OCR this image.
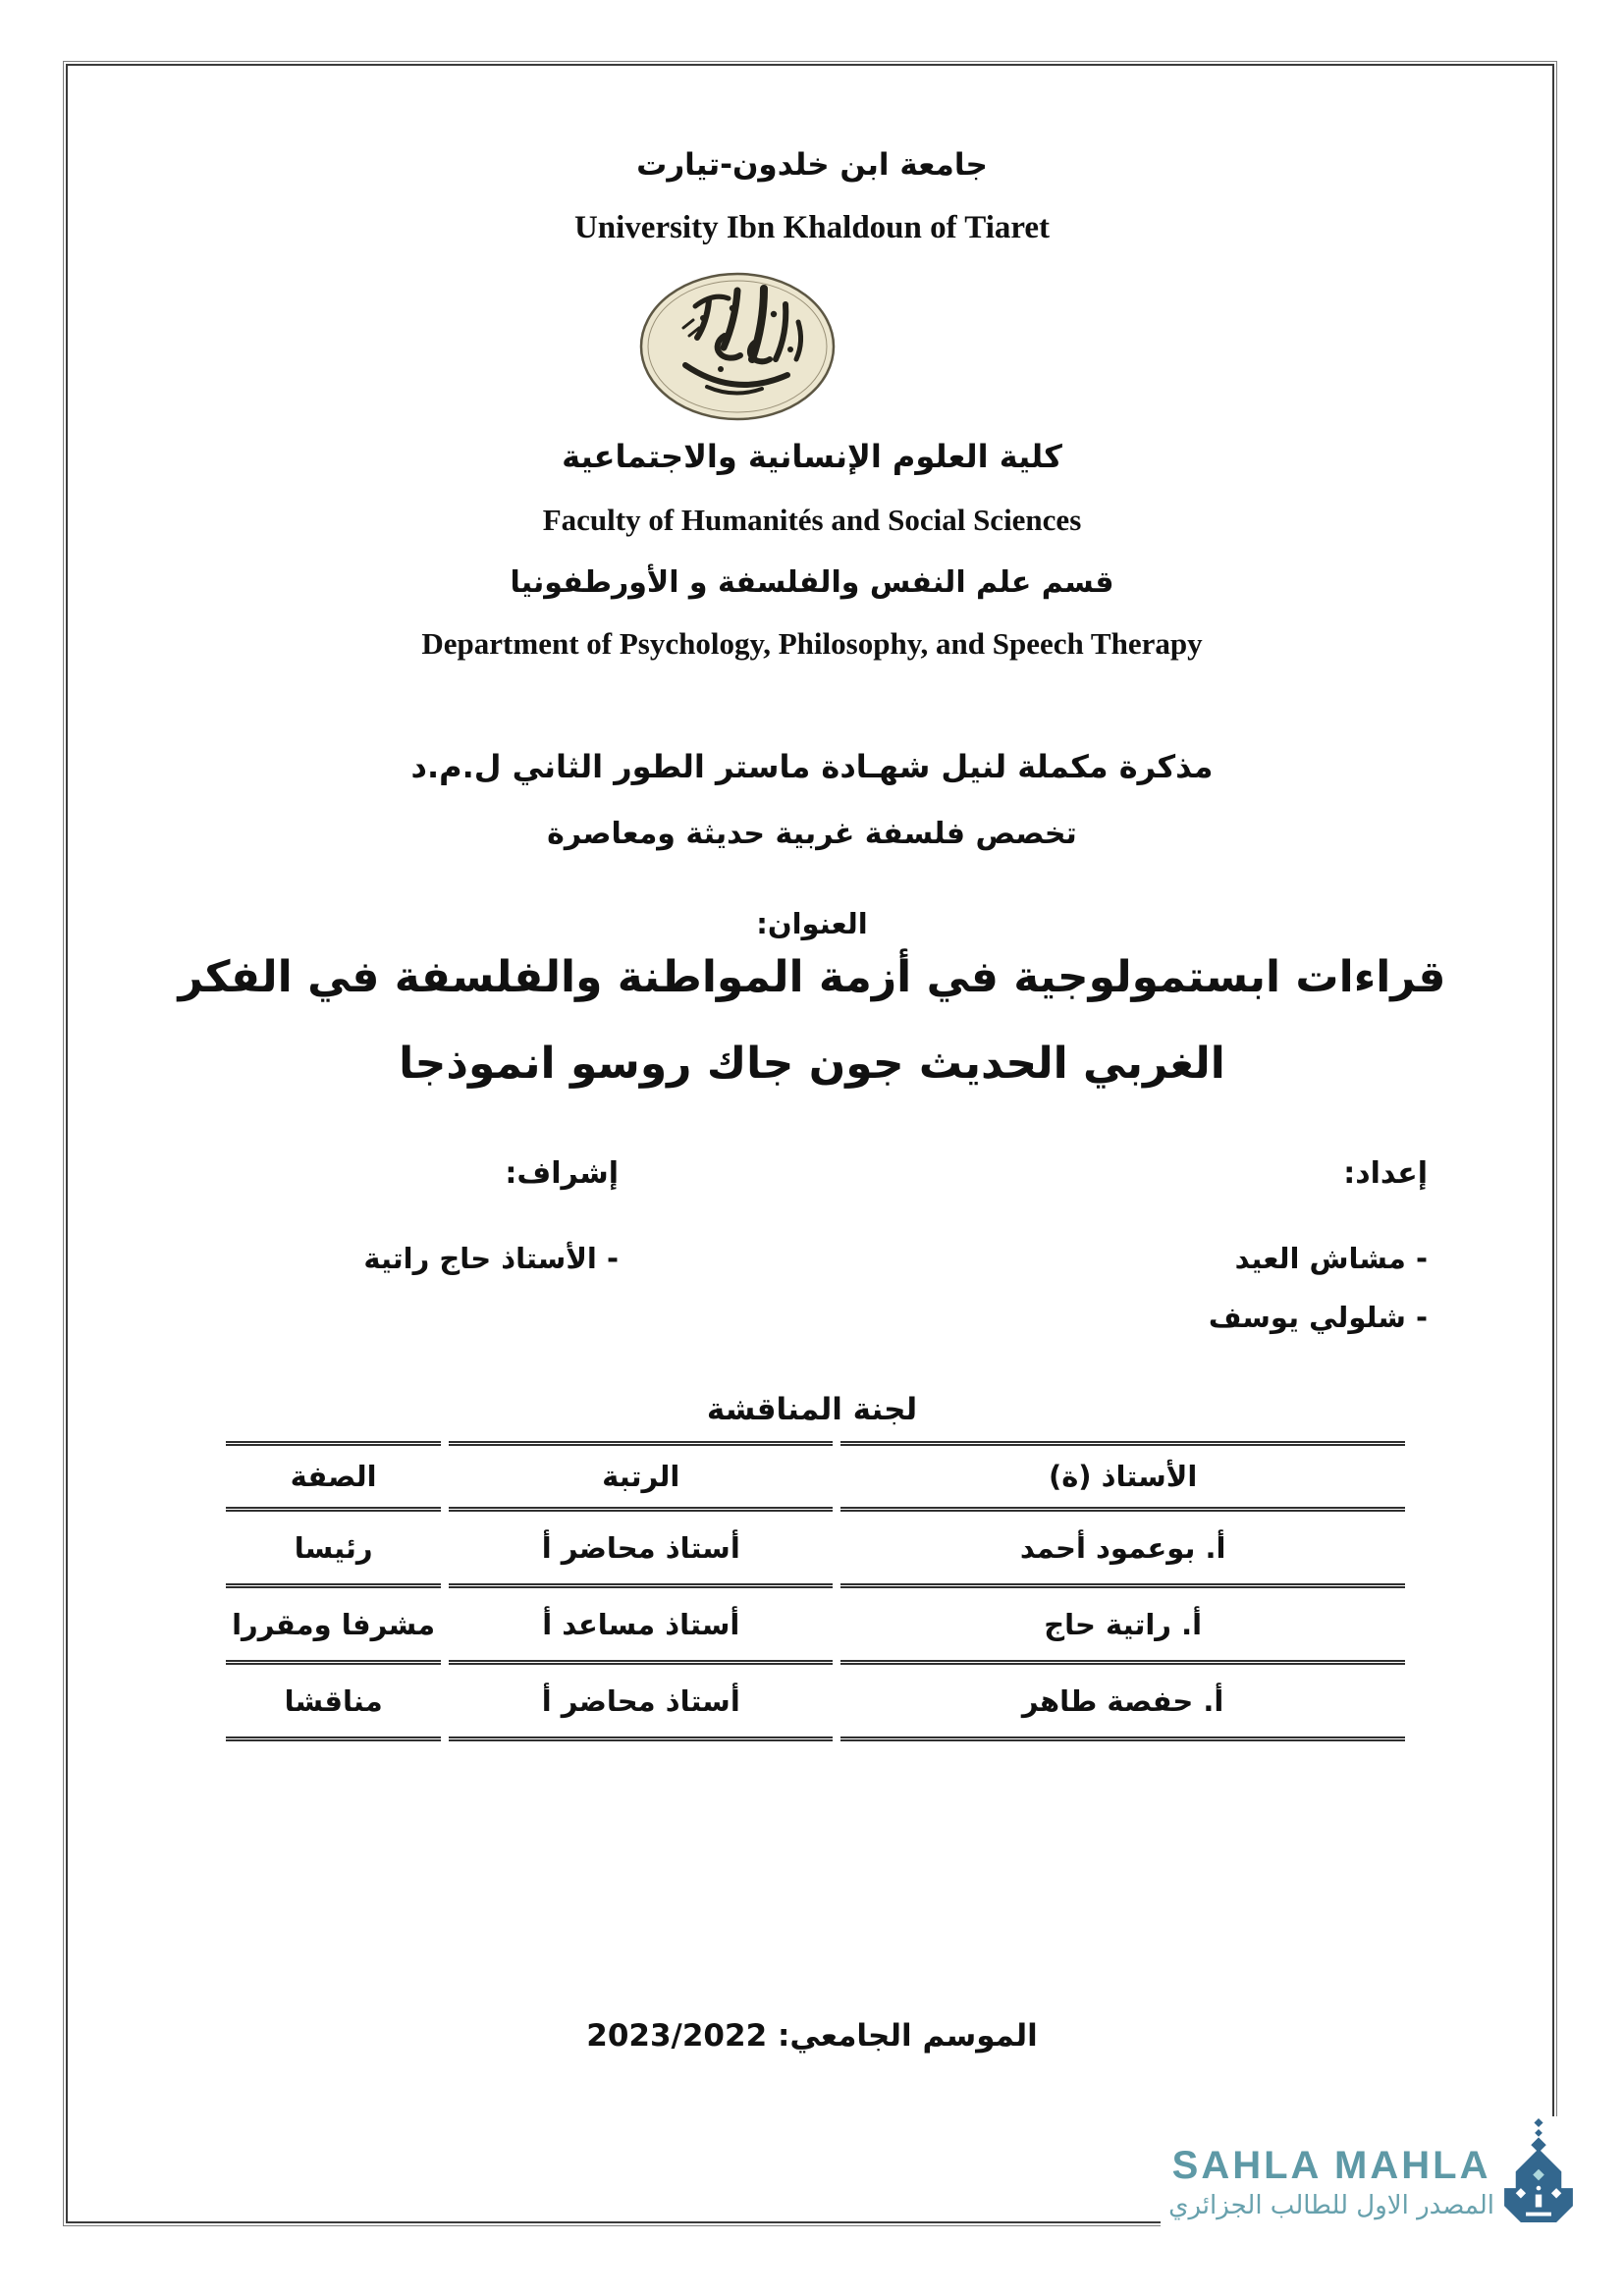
جامعة ابن خلدون-تيارت
University Ibn Khaldoun of Tiaret
كلية العلوم الإنسانية والاجتماعية
Faculty of Humanités and Social Sciences
قسم علم النفس والفلسفة و الأورطفونيا
Department of Psychology, Philosophy, and Speech Therapy
مذكرة مكملة لنيل شهـادة ماستر الطور الثاني ل.م.د
تخصص فلسفة غربية حديثة ومعاصرة
العنوان:
قراءات ابستمولوجية في أزمة المواطنة والفلسفة في الفكر
الغربي الحديث جون جاك روسو انموذجا
إعداد:
- مشاش العيد
- شلولي يوسف
إشراف:
- الأستاذ حاج راتية
لجنة المناقشة
الأستاذ (ة)	الرتبة	الصفة
أ. بوعمود أحمد	أستاذ محاضر أ	رئيسا
أ. راتية حاج	أستاذ مساعد أ	مشرفا ومقررا
أ. حفصة طاهر	أستاذ محاضر أ	مناقشا
الموسم الجامعي: 2023/2022
SAHLA MAHLA
المصدر الاول للطالب الجزائري
